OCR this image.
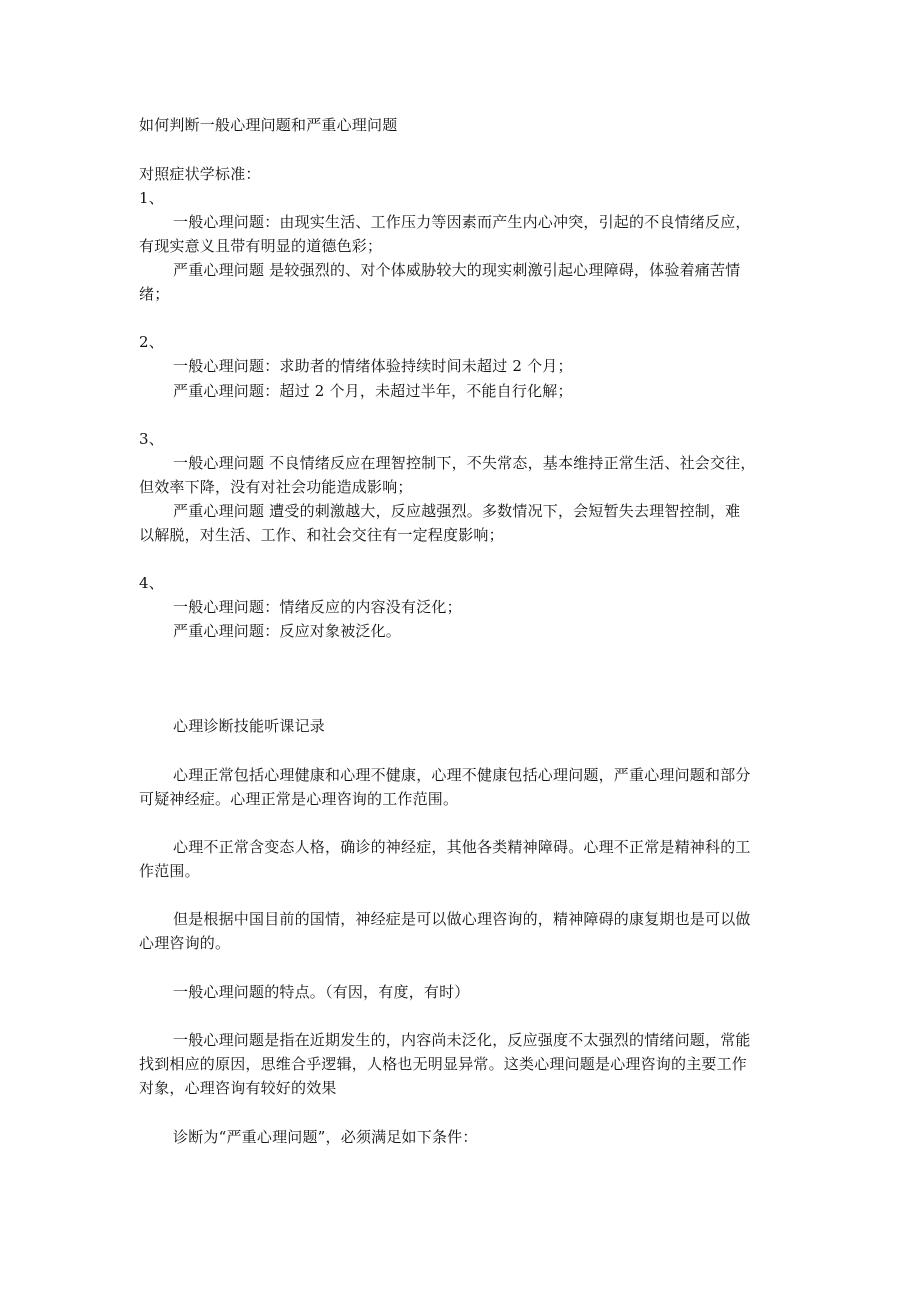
如何判断一般心理问题和严重心理问题
对照症状学标准：
1、
一般心理问题：由现实生活、工作压力等因素而产生内心冲突，引起的不良情绪反应，
有现实意义且带有明显的道德色彩；
严重心理问题 是较强烈的、对个体威胁较大的现实刺激引起心理障碍，体验着痛苦情
绪；
2、
一般心理问题：求助者的情绪体验持续时间未超过 2 个月；
严重心理问题：超过 2 个月，未超过半年，不能自行化解；
3、
一般心理问题 不良情绪反应在理智控制下，不失常态，基本维持正常生活、社会交往，
但效率下降，没有对社会功能造成影响；
严重心理问题 遭受的刺激越大，反应越强烈。多数情况下，会短暂失去理智控制，难
以解脱，对生活、工作、和社会交往有一定程度影响；
4、
一般心理问题：情绪反应的内容没有泛化；
严重心理问题：反应对象被泛化。
心理诊断技能听课记录
心理正常包括心理健康和心理不健康，心理不健康包括心理问题，严重心理问题和部分
可疑神经症。心理正常是心理咨询的工作范围。
心理不正常含变态人格，确诊的神经症，其他各类精神障碍。心理不正常是精神科的工
作范围。
但是根据中国目前的国情，神经症是可以做心理咨询的，精神障碍的康复期也是可以做
心理咨询的。
一般心理问题的特点。（有因，有度，有时）
一般心理问题是指在近期发生的，内容尚未泛化，反应强度不太强烈的情绪问题，常能
找到相应的原因，思维合乎逻辑，人格也无明显异常。这类心理问题是心理咨询的主要工作
对象，心理咨询有较好的效果
诊断为“严重心理问题”，必须满足如下条件：
